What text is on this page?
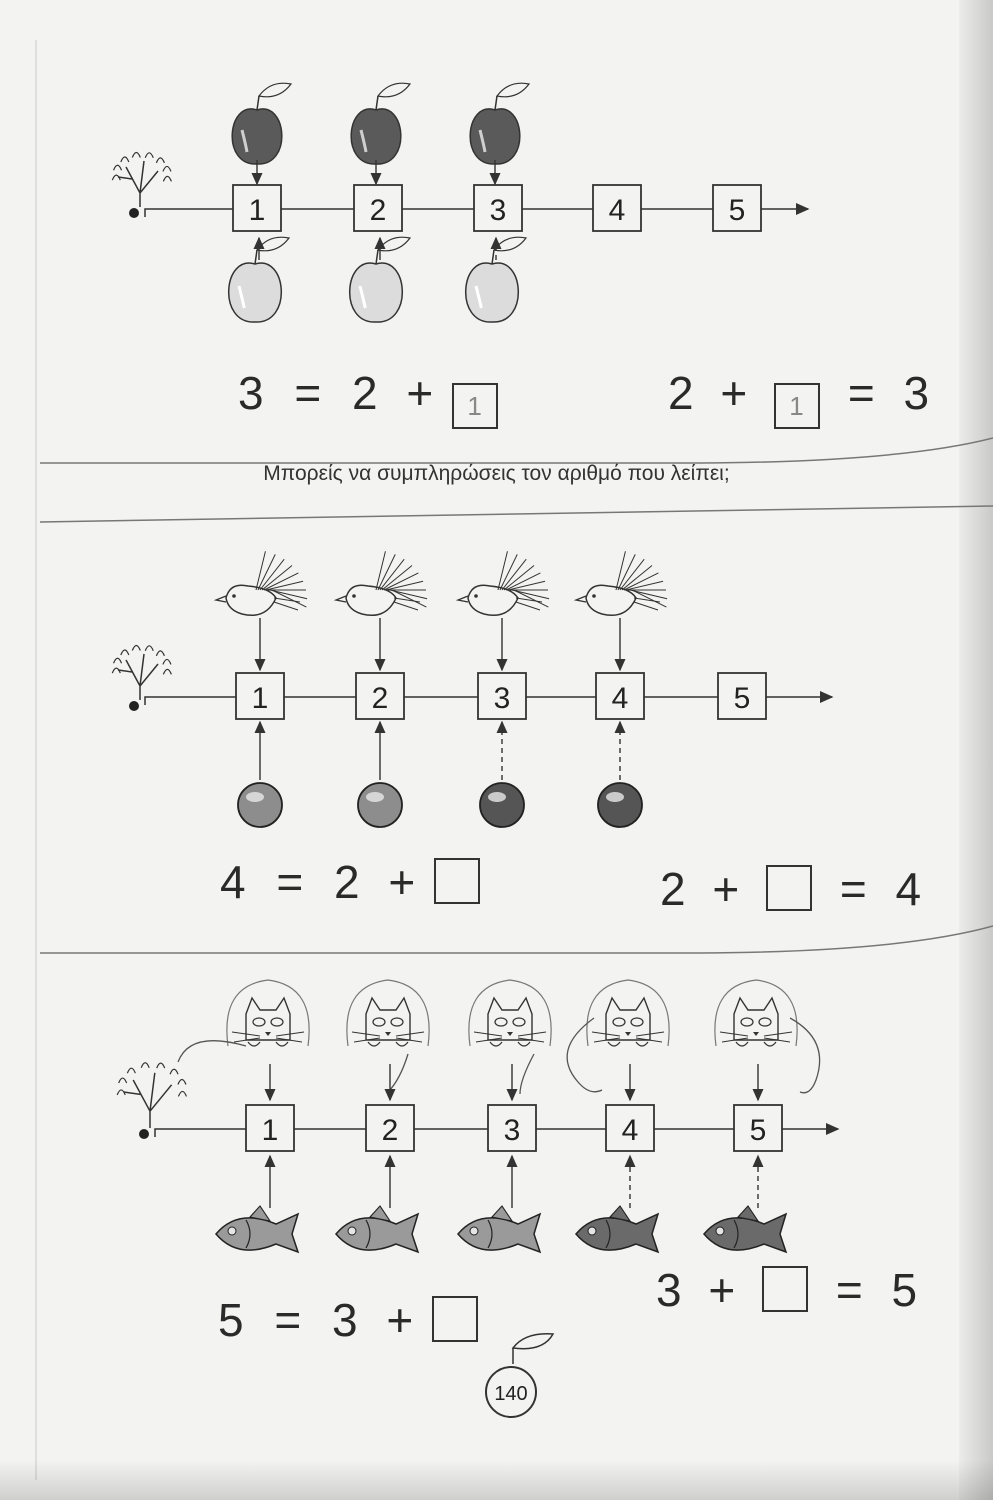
1	2	3	4	5
1	2	3	4	5
1	2	3	4	5
3 = 2 + 1	2 + 1 = 3
Μπορείς να συμπληρώσεις τον αριθμό που λείπει;
4 = 2 +	2 + = 4
5 = 3 +
3 + = 5
140
